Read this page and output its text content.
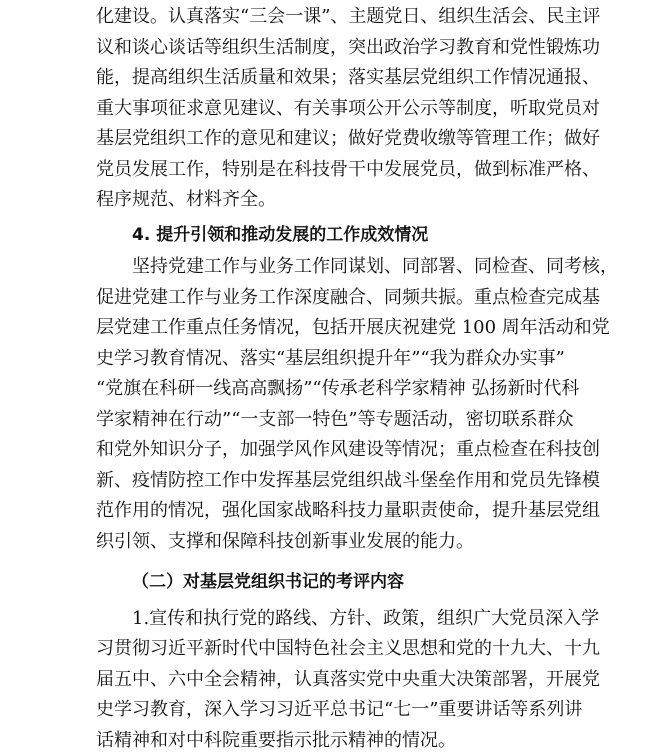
化建设。认真落实“三会一课”、主题党日、组织生活会、民主评
议和谈心谈话等组织生活制度，突出政治学习教育和党性锻炼功
能，提高组织生活质量和效果；落实基层党组织工作情况通报、
重大事项征求意见建议、有关事项公开公示等制度，听取党员对
基层党组织工作的意见和建议；做好党费收缴等管理工作；做好
党员发展工作，特别是在科技骨干中发展党员，做到标准严格、
程序规范、材料齐全。
4. 提升引领和推动发展的工作成效情况
坚持党建工作与业务工作同谋划、同部署、同检查、同考核，
促进党建工作与业务工作深度融合、同频共振。重点检查完成基
层党建工作重点任务情况，包括开展庆祝建党 100 周年活动和党
史学习教育情况、落实“基层组织提升年”“我为群众办实事”
“党旗在科研一线高高飘扬”“传承老科学家精神 弘扬新时代科
学家精神在行动”“一支部一特色”等专题活动，密切联系群众
和党外知识分子，加强学风作风建设等情况；重点检查在科技创
新、疫情防控工作中发挥基层党组织战斗堡垒作用和党员先锋模
范作用的情况，强化国家战略科技力量职责使命，提升基层党组
织引领、支撑和保障科技创新事业发展的能力。
（二）对基层党组织书记的考评内容
1.宣传和执行党的路线、方针、政策，组织广大党员深入学
习贯彻习近平新时代中国特色社会主义思想和党的十九大、十九
届五中、六中全会精神，认真落实党中央重大决策部署，开展党
史学习教育，深入学习习近平总书记“七一”重要讲话等系列讲
话精神和对中科院重要指示批示精神的情况。
